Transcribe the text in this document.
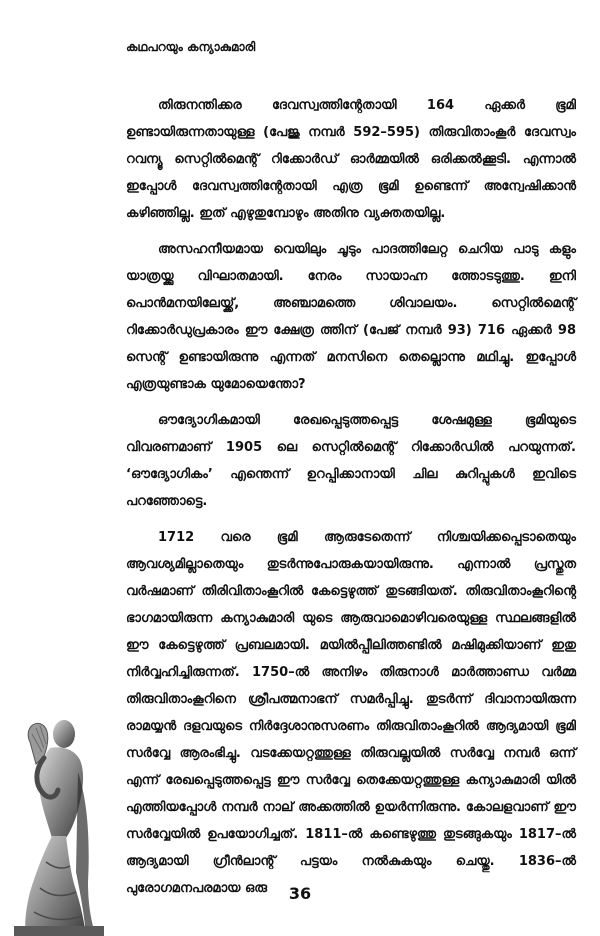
കഥപറയും കന്യാകുമാരി

തിരുനന്തിക്കര ദേവസ്വത്തിന്റേതായി 164 ഏക്കർ ഭൂമി ഉണ്ടായിരുന്നതായുള്ള (പേജു നമ്പർ 592–595) തിരുവിതാംകൂർ ദേവസ്വം റവന്യൂ സെറ്റിൽമെന്റ് റിക്കോർഡ് ഓർമ്മയിൽ ഒരിക്കൽക്കൂടി. എന്നാൽ ഇപ്പോൾ ദേവസ്വത്തിന്റേതായി എത്ര ഭൂമി ഉണ്ടെന്ന് അന്വേഷിക്കാൻ കഴിഞ്ഞില്ല. ഇത് എഴുതുമ്പോഴും അതിനു വ്യക്തതയില്ല.

അസഹനീയമായ വെയിലും ചൂടും പാദത്തിലേറ്റ ചെറിയ പാടു കളും യാത്രയ്ക്കു വിഘാതമായി. നേരം സായാഹ്ന ത്തോടടുത്തു. ഇനി പൊൻമനയിലേയ്ക്ക്, അഞ്ചാമത്തെ ശിവാലയം. സെറ്റിൽമെന്റ് റിക്കോർഡുപ്രകാരം ഈ ക്ഷേത്ര ത്തിന് (പേജ് നമ്പർ 93) 716 ഏക്കർ 98 സെന്റ് ഉണ്ടായിരുന്നു എന്നത് മനസിനെ തെല്ലൊന്നു മഥിച്ചു. ഇപ്പോൾ എത്രയുണ്ടാക യുമോയെന്തോ?

ഔദ്യോഗികമായി രേഖപ്പെടുത്തപ്പെട്ട ശേഷമുള്ള ഭൂമിയുടെ വിവരണമാണ് 1905 ലെ സെറ്റിൽമെന്റ് റിക്കോർഡിൽ പറയുന്നത്. ‘ഔദ്യോഗികം’ എന്തെന്ന് ഉറപ്പിക്കാനായി ചില കുറിപ്പുകൾ ഇവിടെ പറഞ്ഞോട്ടെ.

1712 വരെ ഭൂമി ആരുടേതെന്ന് നിശ്ചയിക്കപ്പെടാതെയും ആവശ്യമില്ലാതെയും തുടർന്നുപോരുകയായിരുന്നു. എന്നാൽ പ്രസ്തുത വർഷമാണ് തിരിവിതാംകൂറിൽ കേട്ടെഴുത്ത് തുടങ്ങിയത്. തിരുവിതാംകൂറിന്റെ ഭാഗമായിരുന്ന കന്യാകുമാരി യുടെ ആരുവാമൊഴിവരെയുള്ള സ്ഥലങ്ങളിൽ ഈ കേട്ടെഴുത്ത് പ്രബലമായി. മയിൽപ്പീലിത്തണ്ടിൽ മഷിമുക്കിയാണ് ഇതു നിർവ്വഹിച്ചിരുന്നത്. 1750–ൽ അനിഴം തിരുനാൾ മാർത്താണ്ഡ വർമ്മ തിരുവിതാംകൂറിനെ ശ്രീപത്മനാഭന് സമർപ്പിച്ചു. തുടർന്ന് ദിവാനായിരുന്ന രാമയ്യൻ ദളവയുടെ നിർദ്ദേശാനുസരണം തിരുവിതാംകൂറിൽ ആദ്യമായി ഭൂമി സർവ്വേ ആരംഭിച്ചു. വടക്കേയറ്റത്തുള്ള തിരുവല്ലയിൽ സർവ്വേ നമ്പർ ഒന്ന് എന്ന് രേഖപ്പെടുത്തപ്പെട്ട ഈ സർവ്വേ തെക്കേയറ്റത്തുള്ള കന്യാകുമാരി യിൽ എത്തിയപ്പോൾ നമ്പർ നാല് അക്കത്തിൽ ഉയർന്നിരുന്നു. കോലളവാണ് ഈ സർവ്വേയിൽ ഉപയോഗിച്ചത്. 1811–ൽ കണ്ടെഴുത്തു തുടങ്ങുകയും 1817–ൽ ആദ്യമായി ഗ്രീൻലാന്റ് പട്ടയം നൽകുകയും ചെയ്തു. 1836–ൽ പുരോഗമനപരമായ ഒരു	36
